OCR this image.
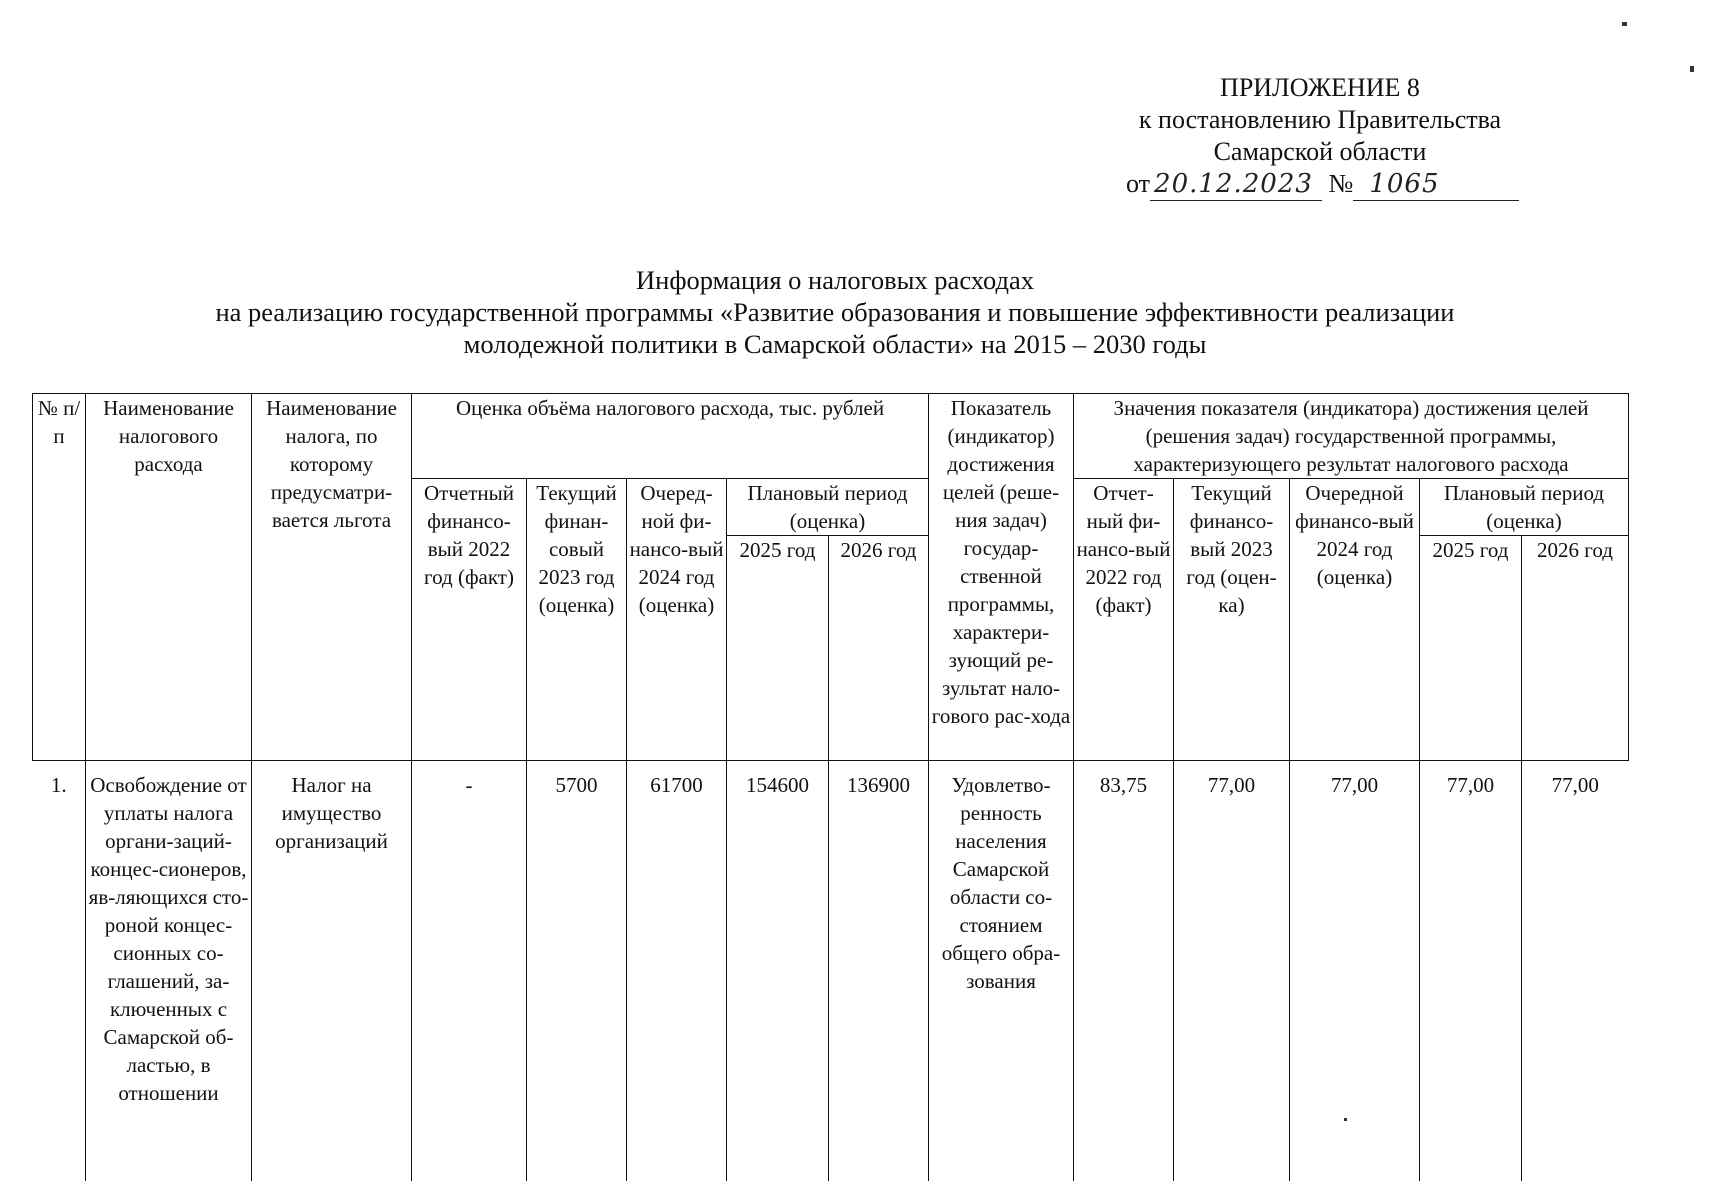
ПРИЛОЖЕНИЕ 8
к постановлению Правительства
Самарской области
от 20.12.2023 № 1065
Информация о налоговых расходах
на реализацию государственной программы «Развитие образования и повышение эффективности реализации
молодежной политики в Самарской области» на 2015 – 2030 годы
№ п/п	Наименование налогового расхода	Наименование налога, по которому предусматри-вается льгота	Оценка объёма налогового расхода, тыс. рублей					Показатель (индикатор) достижения целей (реше-ния задач) государ-ственной программы, характери-зующий ре-зультат нало-гового рас-хода	Значения показателя (индикатора) достижения целей (решения задач) государственной программы, характеризующего результат налогового расхода				
			Отчетный финансо-вый 2022 год (факт)	Текущий финан-совый 2023 год (оценка)	Очеред-ной фи-нансо-вый 2024 год (оценка)	Плановый период (оценка)			Отчет-ный фи-нансо-вый 2022 год (факт)	Текущий финансо-вый 2023 год (оцен-ка)	Очередной финансо-вый 2024 год (оценка)	Плановый период (оценка)	
						2025 год	2026 год					2025 год	2026 год
1.	Освобождение от уплаты налога органи-заций-концес-сионеров, яв-ляющихся сто-роной концес-сионных со-глашений, за-ключенных с Самарской об-ластью, в отношении	Налог на имущество организаций	-	5700	61700	154600	136900	Удовлетво-ренность населения Самарской области со-стоянием общего обра-зования	83,75	77,00	77,00	77,00	77,00
